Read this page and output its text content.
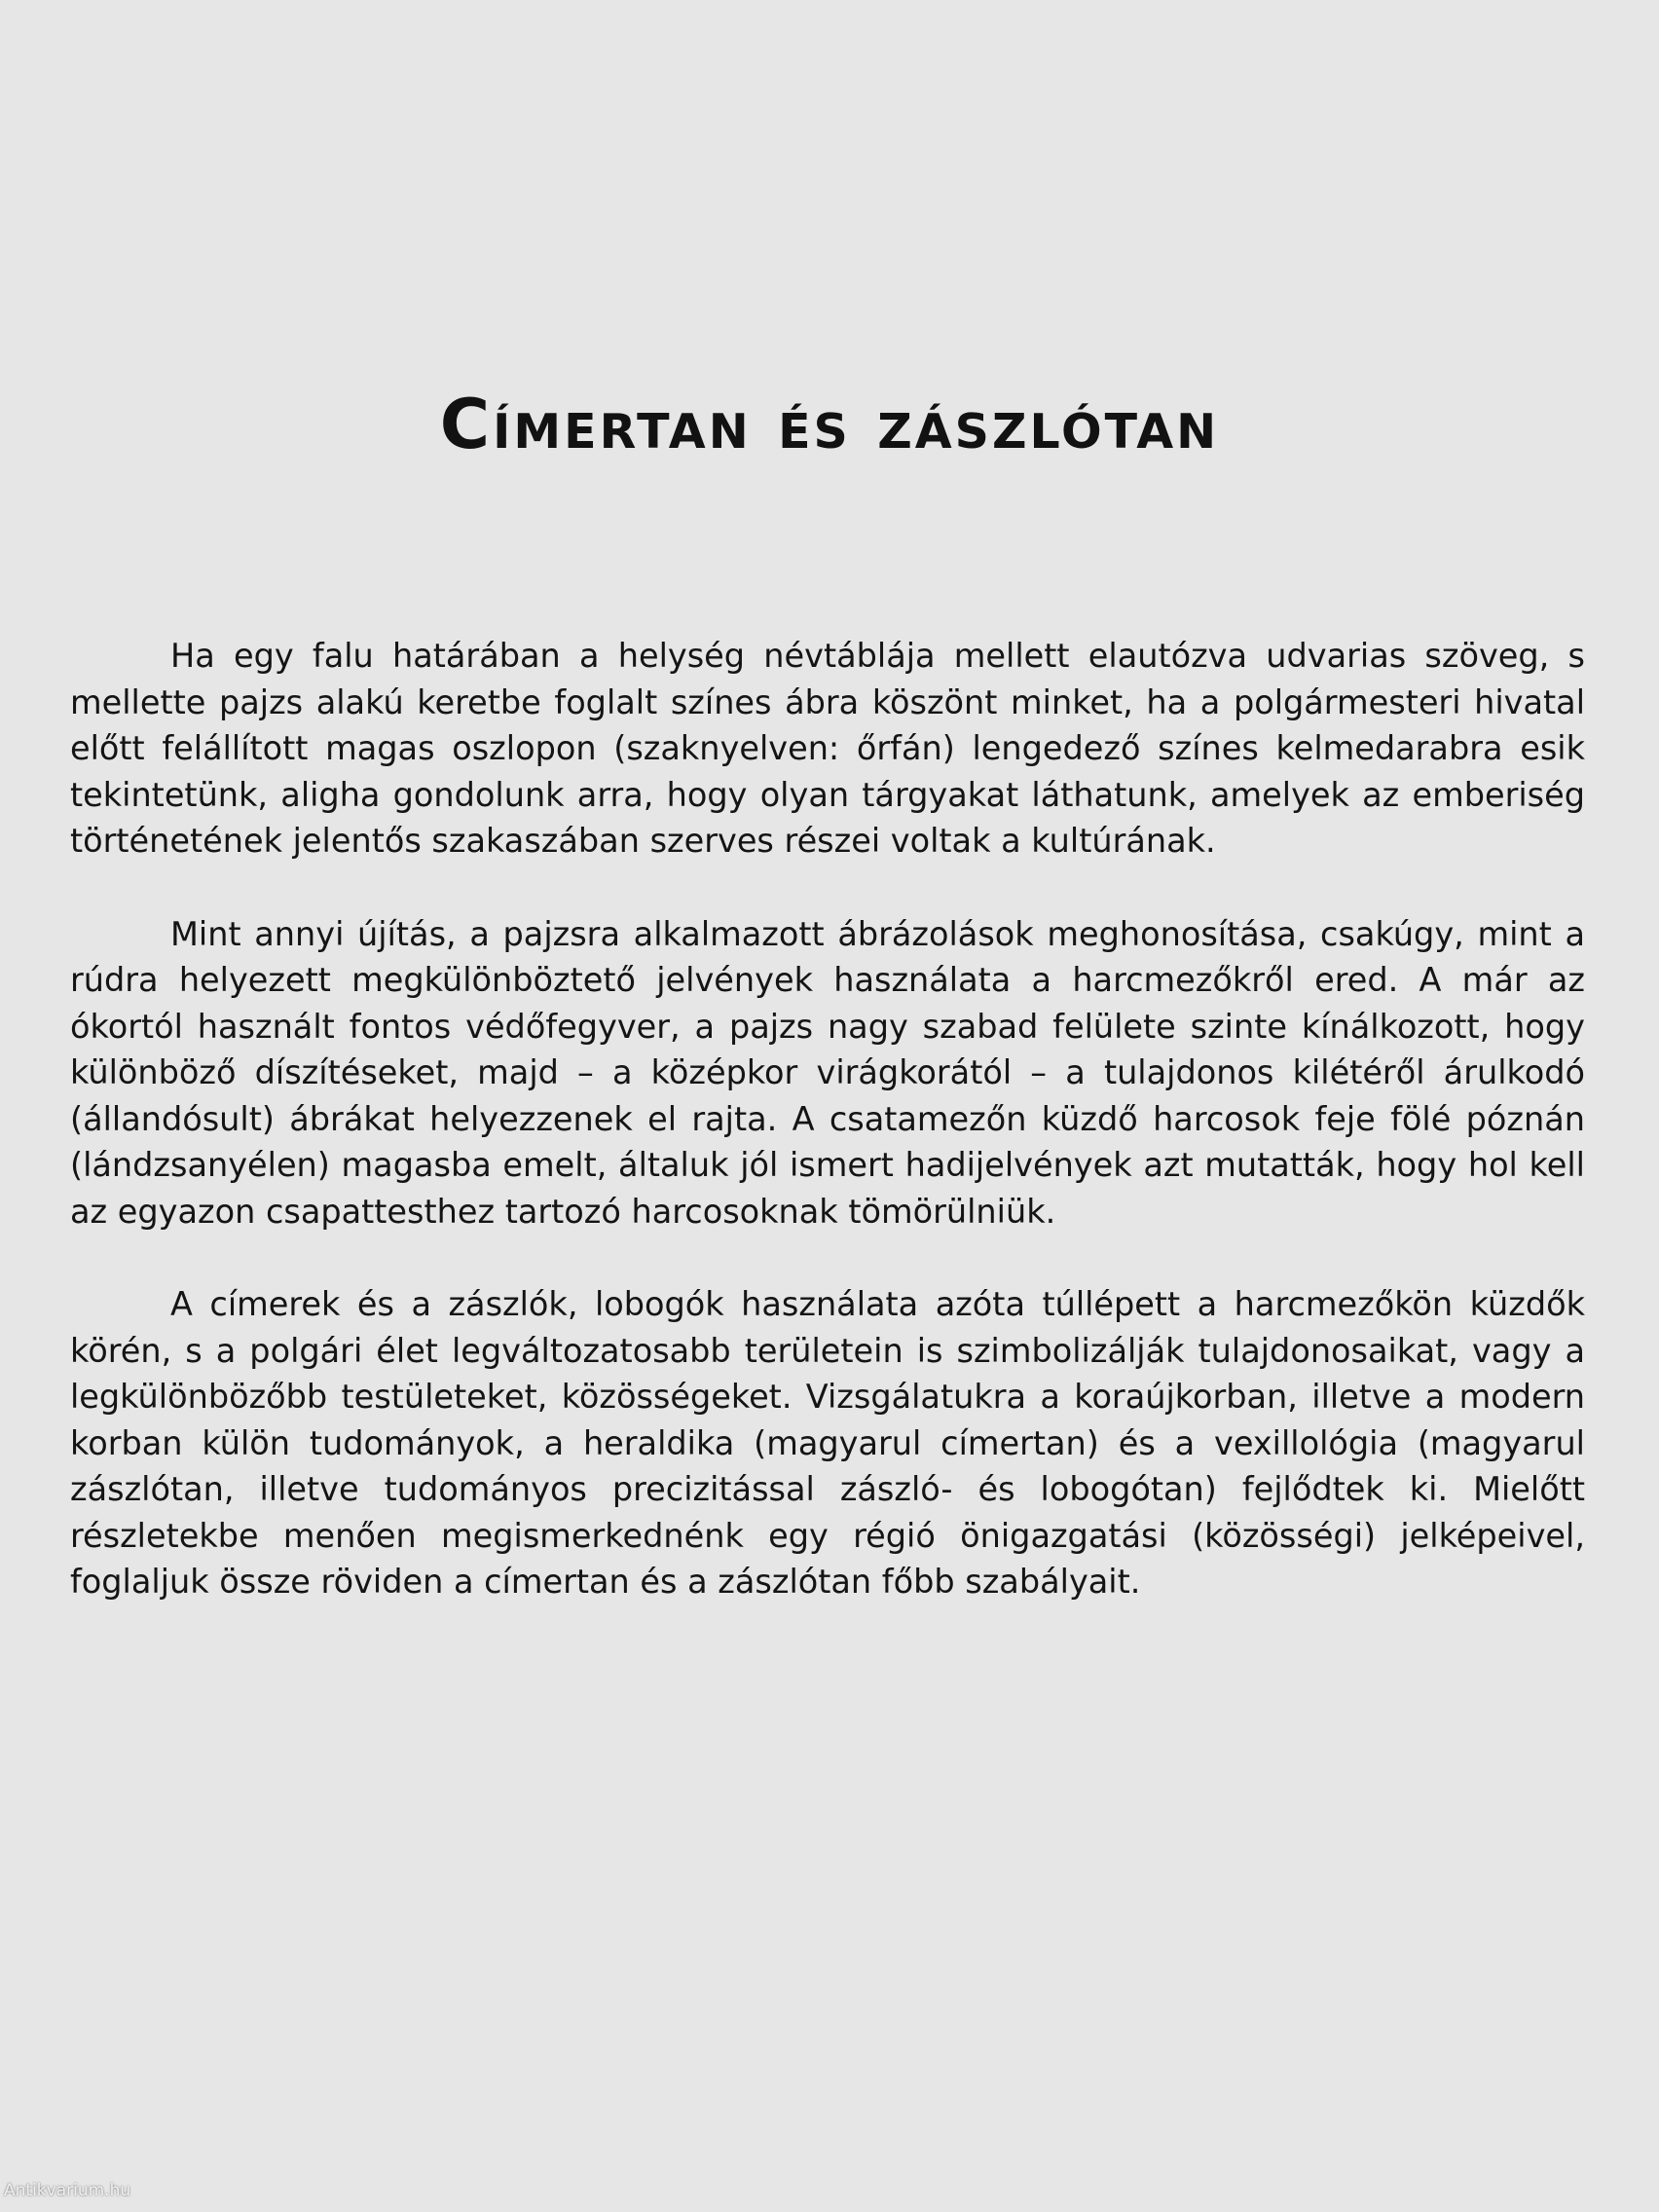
Címertan és zászlótan

Ha egy falu határában a helység névtáblája mellett elautózva udvarias szöveg, s mellette pajzs alakú keretbe foglalt színes ábra köszönt minket, ha a polgármesteri hivatal előtt felállított magas oszlopon (szaknyelven: őrfán) lengedező színes kelmedarabra esik tekintetünk, aligha gondolunk arra, hogy olyan tárgyakat láthatunk, amelyek az emberiség történetének jelentős szakaszában szerves részei voltak a kultúrának.

Mint annyi újítás, a pajzsra alkalmazott ábrázolások meghonosítása, csakúgy, mint a rúdra helyezett megkülönböztető jelvények használata a harcmezőkről ered. A már az ókortól használt fontos védőfegyver, a pajzs nagy szabad felülete szinte kínálkozott, hogy különböző díszítéseket, majd – a középkor virágkorától – a tulajdonos kilétéről árulkodó (állandósult) ábrákat helyezzenek el rajta. A csatamezőn küzdő harcosok feje fölé póznán (lándzsanyélen) magasba emelt, általuk jól ismert hadijelvények azt mutatták, hogy hol kell az egyazon csapattesthez tartozó harcosoknak tömörülniük.

A címerek és a zászlók, lobogók használata azóta túllépett a harcmezőkön küzdők körén, s a polgári élet legváltozatosabb területein is szimbolizálják tulajdonosaikat, vagy a legkülönbözőbb testületeket, közösségeket. Vizsgálatukra a koraújkorban, illetve a modern korban külön tudományok, a heraldika (magyarul címertan) és a vexillológia (magyarul zászlótan, illetve tudományos precizitással zászló- és lobogótan) fejlődtek ki. Mielőtt részletekbe menően megismerkednénk egy régió önigazgatási (közösségi) jelképeivel, foglaljuk össze röviden a címertan és a zászlótan főbb szabályait.

Antikvarium.hu
